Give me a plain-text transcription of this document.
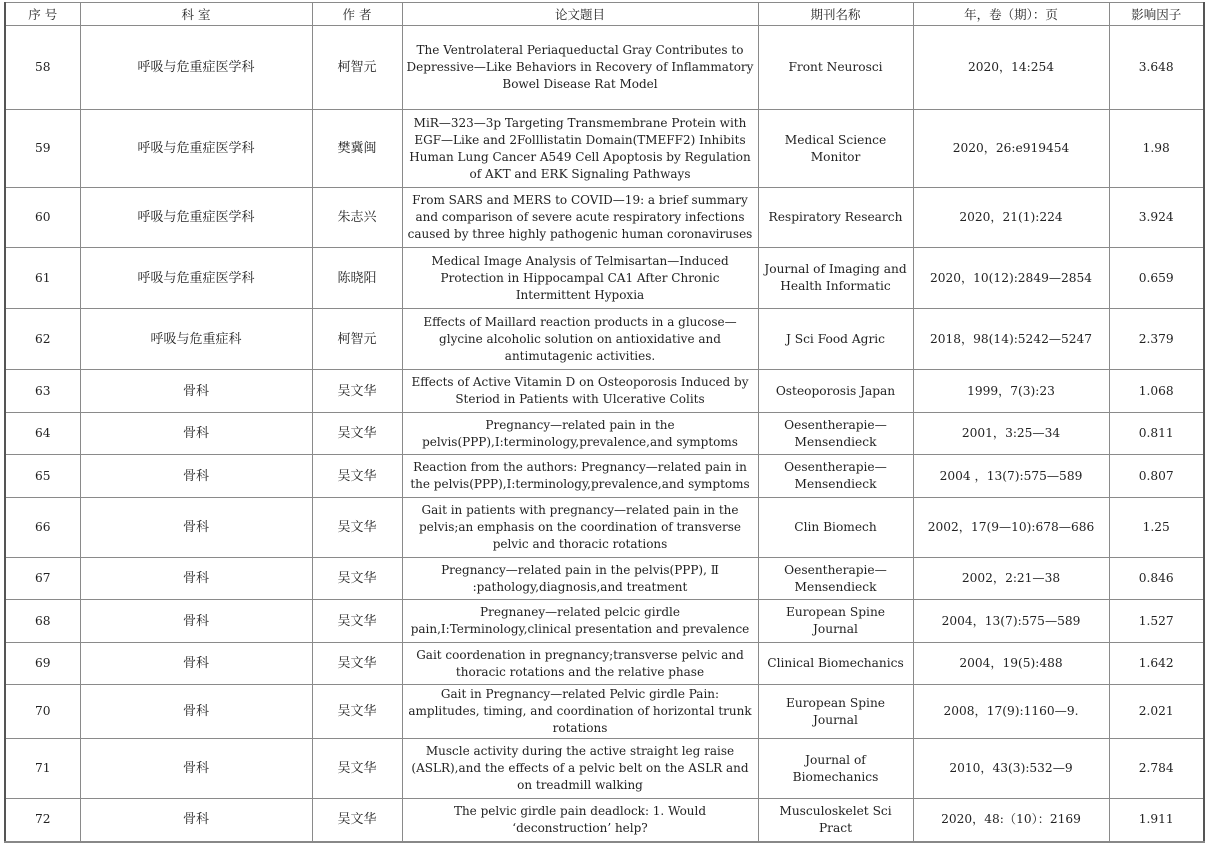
序 号	科 室	作 者	论文题目	期刊名称	年，卷（期）：页	影响因子
58	呼吸与危重症医学科	柯智元	The Ventrolateral Periaqueductal Gray Contributes to Depressive—Like Behaviors in Recovery of Inflammatory Bowel Disease Rat Model	Front Neurosci	2020，14:254	3.648
59	呼吸与危重症医学科	樊冀闽	MiR—323—3p Targeting Transmembrane Protein with EGF—Like and 2Folllistatin Domain(TMEFF2) Inhibits Human Lung Cancer A549 Cell Apoptosis by Regulation of AKT and ERK Signaling Pathways	Medical Science Monitor	2020，26:e919454	1.98
60	呼吸与危重症医学科	朱志兴	From SARS and MERS to COVID—19: a brief summary and comparison of severe acute respiratory infections caused by three highly pathogenic human coronaviruses	Respiratory Research	2020，21(1):224	3.924
61	呼吸与危重症医学科	陈晓阳	Medical Image Analysis of Telmisartan—Induced Protection in Hippocampal CA1 After Chronic Intermittent Hypoxia	Journal of Imaging and Health Informatic	2020，10(12):2849—2854	0.659
62	呼吸与危重症科	柯智元	Effects of Maillard reaction products in a glucose—glycine alcoholic solution on antioxidative and antimutagenic activities.	J Sci Food Agric	2018，98(14):5242—5247	2.379
63	骨科	吴文华	Effects of Active Vitamin D on Osteoporosis Induced by Steriod in Patients with Ulcerative Colits	Osteoporosis Japan	1999，7(3):23	1.068
64	骨科	吴文华	Pregnancy—related pain in the pelvis(PPP),I:terminology,prevalence,and symptoms	Oesentherapie—Mensendieck	2001，3:25—34	0.811
65	骨科	吴文华	Reaction from the authors: Pregnancy—related pain in the pelvis(PPP),I:terminology,prevalence,and symptoms	Oesentherapie—Mensendieck	2004 ，13(7):575—589	0.807
66	骨科	吴文华	Gait in patients with pregnancy—related pain in the pelvis;an emphasis on the coordination of transverse pelvic and thoracic rotations	Clin Biomech	2002，17(9—10):678—686	1.25
67	骨科	吴文华	Pregnancy—related pain in the pelvis(PPP), Ⅱ :pathology,diagnosis,and treatment	Oesentherapie—Mensendieck	2002，2:21—38	0.846
68	骨科	吴文华	Pregnaney—related pelcic girdle pain,I:Terminology,clinical presentation and prevalence	European Spine Journal	2004，13(7):575—589	1.527
69	骨科	吴文华	Gait coordenation in pregnancy;transverse pelvic and thoracic rotations and the relative phase	Clinical Biomechanics	2004，19(5):488	1.642
70	骨科	吴文华	Gait in Pregnancy—related Pelvic girdle Pain: amplitudes, timing, and coordination of horizontal trunk rotations	European Spine Journal	2008，17(9):1160—9.	2.021
71	骨科	吴文华	Muscle activity during the active straight leg raise (ASLR),and the effects of a pelvic belt on the ASLR and on treadmill walking	Journal of Biomechanics	2010，43(3):532—9	2.784
72	骨科	吴文华	The pelvic girdle pain deadlock: 1. Would ‘deconstruction’ help?	Musculoskelet Sci Pract	2020，48:（10）：2169	1.911
